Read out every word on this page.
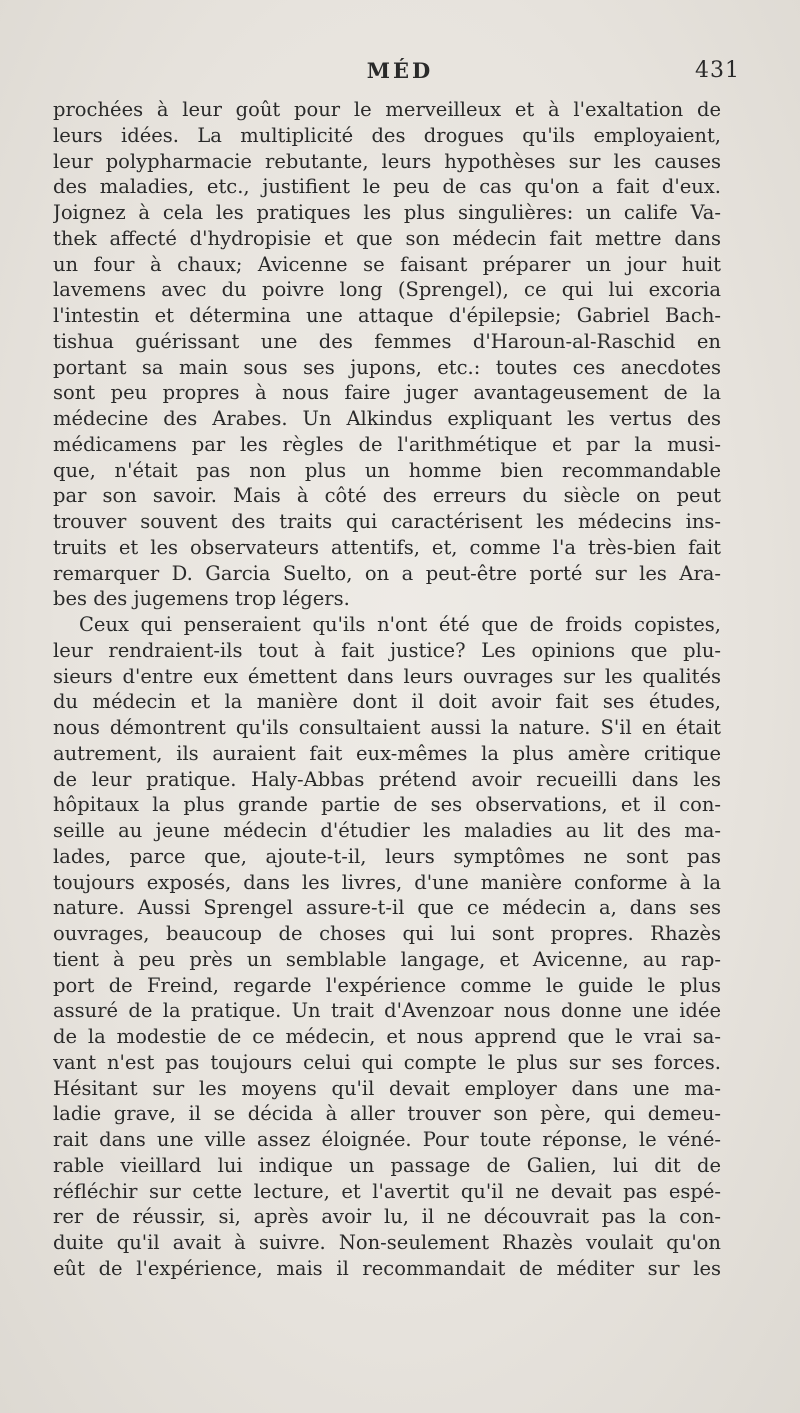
MÉD	431
prochées à leur goût pour le merveilleux et à l'exaltation de
leurs idées. La multiplicité des drogues qu'ils employaient,
leur polypharmacie rebutante, leurs hypothèses sur les causes
des maladies, etc., justifient le peu de cas qu'on a fait d'eux.
Joignez à cela les pratiques les plus singulières: un calife Va-
thek affecté d'hydropisie et que son médecin fait mettre dans
un four à chaux; Avicenne se faisant préparer un jour huit
lavemens avec du poivre long (Sprengel), ce qui lui excoria
l'intestin et détermina une attaque d'épilepsie; Gabriel Bach-
tishua guérissant une des femmes d'Haroun-al-Raschid en
portant sa main sous ses jupons, etc.: toutes ces anecdotes
sont peu propres à nous faire juger avantageusement de la
médecine des Arabes. Un Alkindus expliquant les vertus des
médicamens par les règles de l'arithmétique et par la musi-
que, n'était pas non plus un homme bien recommandable
par son savoir. Mais à côté des erreurs du siècle on peut
trouver souvent des traits qui caractérisent les médecins ins-
truits et les observateurs attentifs, et, comme l'a très-bien fait
remarquer D. Garcia Suelto, on a peut-être porté sur les Ara-
bes des jugemens trop légers.
Ceux qui penseraient qu'ils n'ont été que de froids copistes,
leur rendraient-ils tout à fait justice? Les opinions que plu-
sieurs d'entre eux émettent dans leurs ouvrages sur les qualités
du médecin et la manière dont il doit avoir fait ses études,
nous démontrent qu'ils consultaient aussi la nature. S'il en était
autrement, ils auraient fait eux-mêmes la plus amère critique
de leur pratique. Haly-Abbas prétend avoir recueilli dans les
hôpitaux la plus grande partie de ses observations, et il con-
seille au jeune médecin d'étudier les maladies au lit des ma-
lades, parce que, ajoute-t-il, leurs symptômes ne sont pas
toujours exposés, dans les livres, d'une manière conforme à la
nature. Aussi Sprengel assure-t-il que ce médecin a, dans ses
ouvrages, beaucoup de choses qui lui sont propres. Rhazès
tient à peu près un semblable langage, et Avicenne, au rap-
port de Freind, regarde l'expérience comme le guide le plus
assuré de la pratique. Un trait d'Avenzoar nous donne une idée
de la modestie de ce médecin, et nous apprend que le vrai sa-
vant n'est pas toujours celui qui compte le plus sur ses forces.
Hésitant sur les moyens qu'il devait employer dans une ma-
ladie grave, il se décida à aller trouver son père, qui demeu-
rait dans une ville assez éloignée. Pour toute réponse, le véné-
rable vieillard lui indique un passage de Galien, lui dit de
réfléchir sur cette lecture, et l'avertit qu'il ne devait pas espé-
rer de réussir, si, après avoir lu, il ne découvrait pas la con-
duite qu'il avait à suivre. Non-seulement Rhazès voulait qu'on
eût de l'expérience, mais il recommandait de méditer sur les
